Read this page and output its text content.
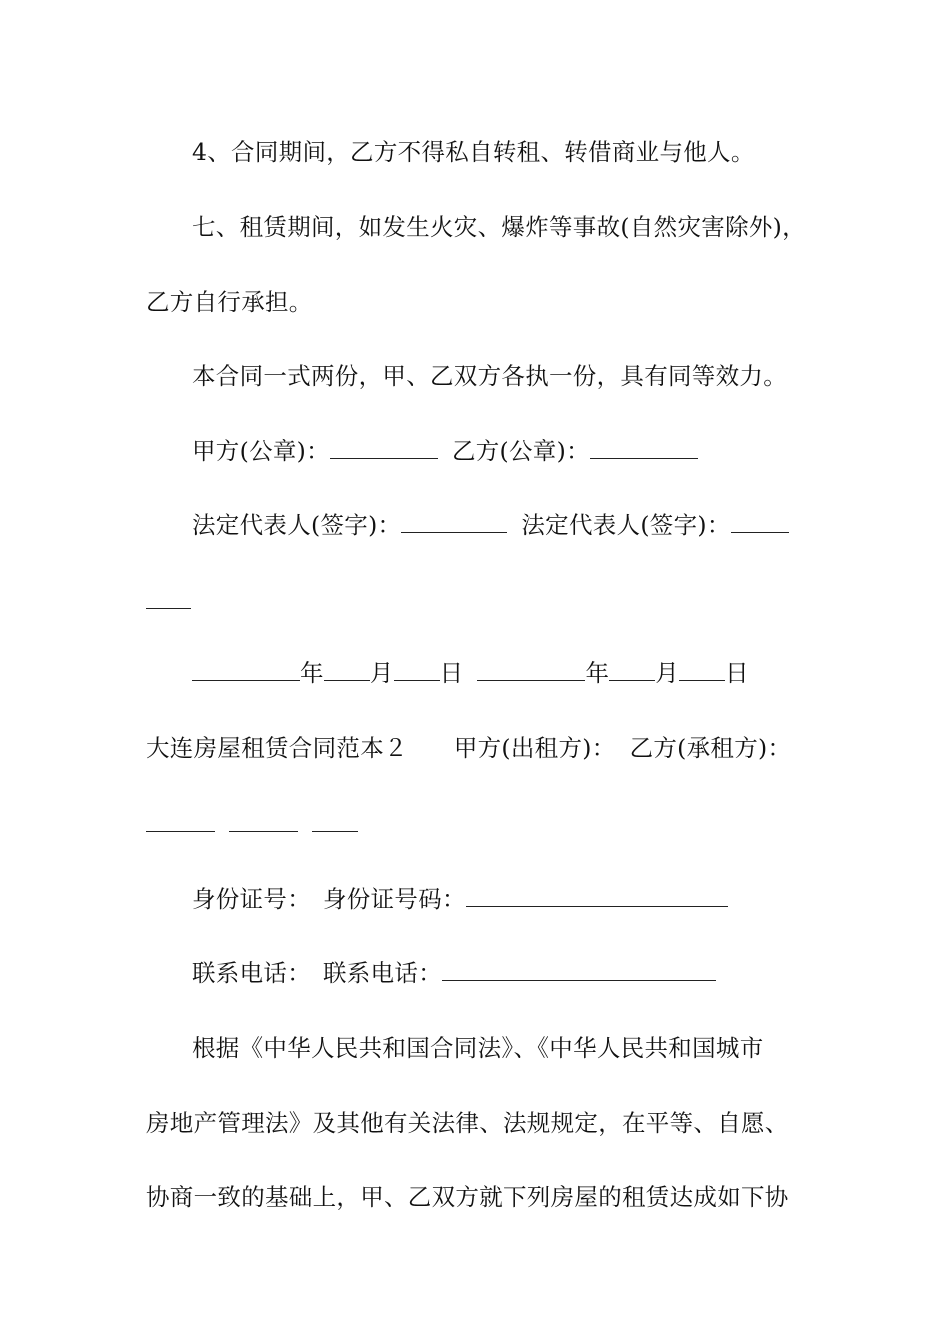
4、合同期间，乙方不得私自转租、转借商业与他人。
七、租赁期间，如发生火灾、爆炸等事故(自然灾害除外)，
乙方自行承担。
本合同一式两份，甲、乙双方各执一份，具有同等效力。
甲方(公章)：	乙方(公章)：
法定代表人(签字)：	法定代表人(签字)：
年 月 日	年 月 日
大连房屋租赁合同范本２ 甲方(出租方)： 乙方(承租方)：
身份证号： 身份证号码：
联系电话： 联系电话：
根据《中华人民共和国合同法》、《中华人民共和国城市
房地产管理法》及其他有关法律、法规规定，在平等、自愿、
协商一致的基础上，甲、乙双方就下列房屋的租赁达成如下协
